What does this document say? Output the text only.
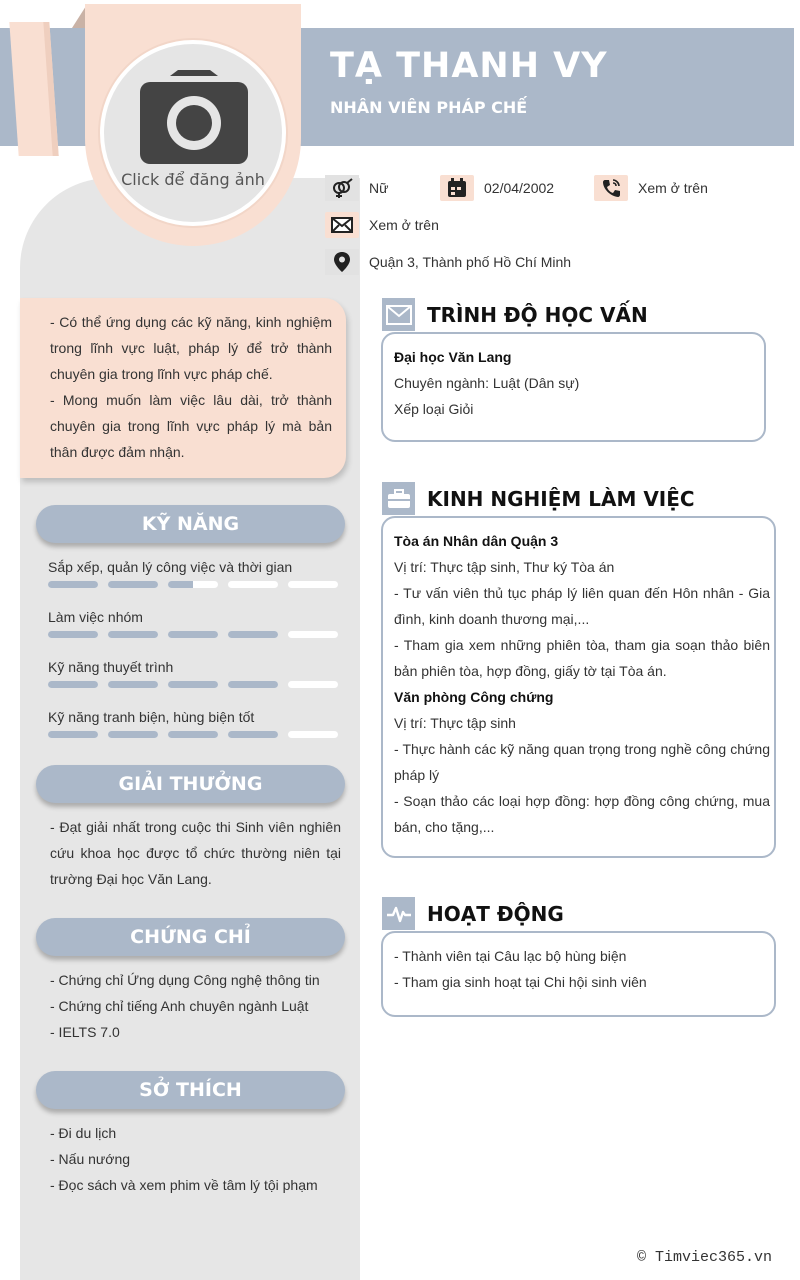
Click để đăng ảnh
TẠ THANH VY
NHÂN VIÊN PHÁP CHẾ
Nữ	02/04/2002	Xem ở trên
Xem ở trên
Quận 3, Thành phố Hồ Chí Minh

- Có thể ứng dụng các kỹ năng, kinh nghiệm trong lĩnh vực luật, pháp lý để trở thành chuyên gia trong lĩnh vực pháp chế.

- Mong muốn làm việc lâu dài, trở thành chuyên gia trong lĩnh vực pháp lý mà bản thân được đảm nhận.

KỸ NĂNG
Sắp xếp, quản lý công việc và thời gian
Làm việc nhóm
Kỹ năng thuyết trình
Kỹ năng tranh biện, hùng biện tốt
GIẢI THƯỞNG
- Đạt giải nhất trong cuộc thi Sinh viên nghiên cứu khoa học được tổ chức thường niên tại trường Đại học Văn Lang.
CHỨNG CHỈ

- Chứng chỉ Ứng dụng Công nghệ thông tin

- Chứng chỉ tiếng Anh chuyên ngành Luật

- IELTS 7.0

SỞ THÍCH

- Đi du lịch

- Nấu nướng

- Đọc sách và xem phim về tâm lý tội phạm

TRÌNH ĐỘ HỌC VẤN

Đại học Văn Lang

Chuyên ngành: Luật (Dân sự)

Xếp loại Giỏi

KINH NGHIỆM LÀM VIỆC

Tòa án Nhân dân Quận 3

Vị trí: Thực tập sinh, Thư ký Tòa án

- Tư vấn viên thủ tục pháp lý liên quan đến Hôn nhân - Gia đình, kinh doanh thương mại,...

- Tham gia xem những phiên tòa, tham gia soạn thảo biên bản phiên tòa, hợp đồng, giấy tờ tại Tòa án.

Văn phòng Công chứng

Vị trí: Thực tập sinh

- Thực hành các kỹ năng quan trọng trong nghề công chứng pháp lý

- Soạn thảo các loại hợp đồng: hợp đồng công chứng, mua bán, cho tặng,...

HOẠT ĐỘNG

- Thành viên tại Câu lạc bộ hùng biện

- Tham gia sinh hoạt tại Chi hội sinh viên

© Timviec365.vn
